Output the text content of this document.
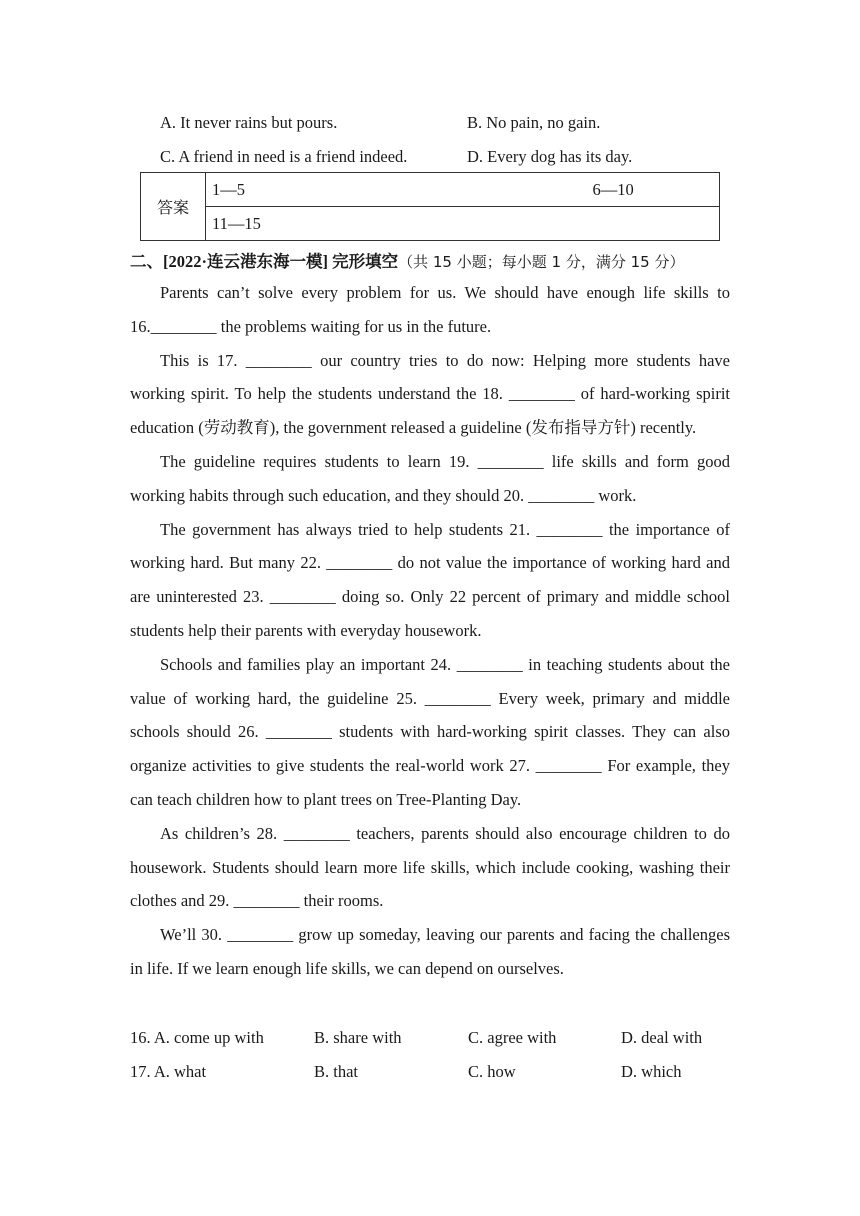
A. It never rains but pours.	B. No pain, no gain.
C. A friend in need is a friend indeed.	D. Every dog has its day.
答案	1—5	6—10

11—15
二、[2022·连云港东海一模] 完形填空（共 15 小题；每小题 1 分，满分 15 分）

Parents can’t solve every problem for us. We should have enough life skills to 16.________ the problems waiting for us in the future.

This is 17. ________ our country tries to do now: Helping more students have working spirit. To help the students understand the 18. ________ of hard-working spirit education (劳动教育), the government released a guideline (发布指导方针) recently.

The guideline requires students to learn 19. ________ life skills and form good working habits through such education, and they should 20. ________ work.

The government has always tried to help students 21. ________ the importance of working hard. But many 22. ________ do not value the importance of working hard and are uninterested 23. ________ doing so. Only 22 percent of primary and middle school students help their parents with everyday housework.

Schools and families play an important 24. ________ in teaching students about the value of working hard, the guideline 25. ________ Every week, primary and middle schools should 26. ________ students with hard-working spirit classes. They can also organize activities to give students the real-world work 27. ________ For example, they can teach children how to plant trees on Tree-Planting Day.

As children’s 28. ________ teachers, parents should also encourage children to do housework. Students should learn more life skills, which include cooking, washing their clothes and 29. ________ their rooms.

We’ll 30. ________ grow up someday, leaving our parents and facing the challenges in life. If we learn enough life skills, we can depend on ourselves.

16. A. come up with	B. share with	C. agree with	D. deal with
17. A. what	B. that	C. how	D. which
